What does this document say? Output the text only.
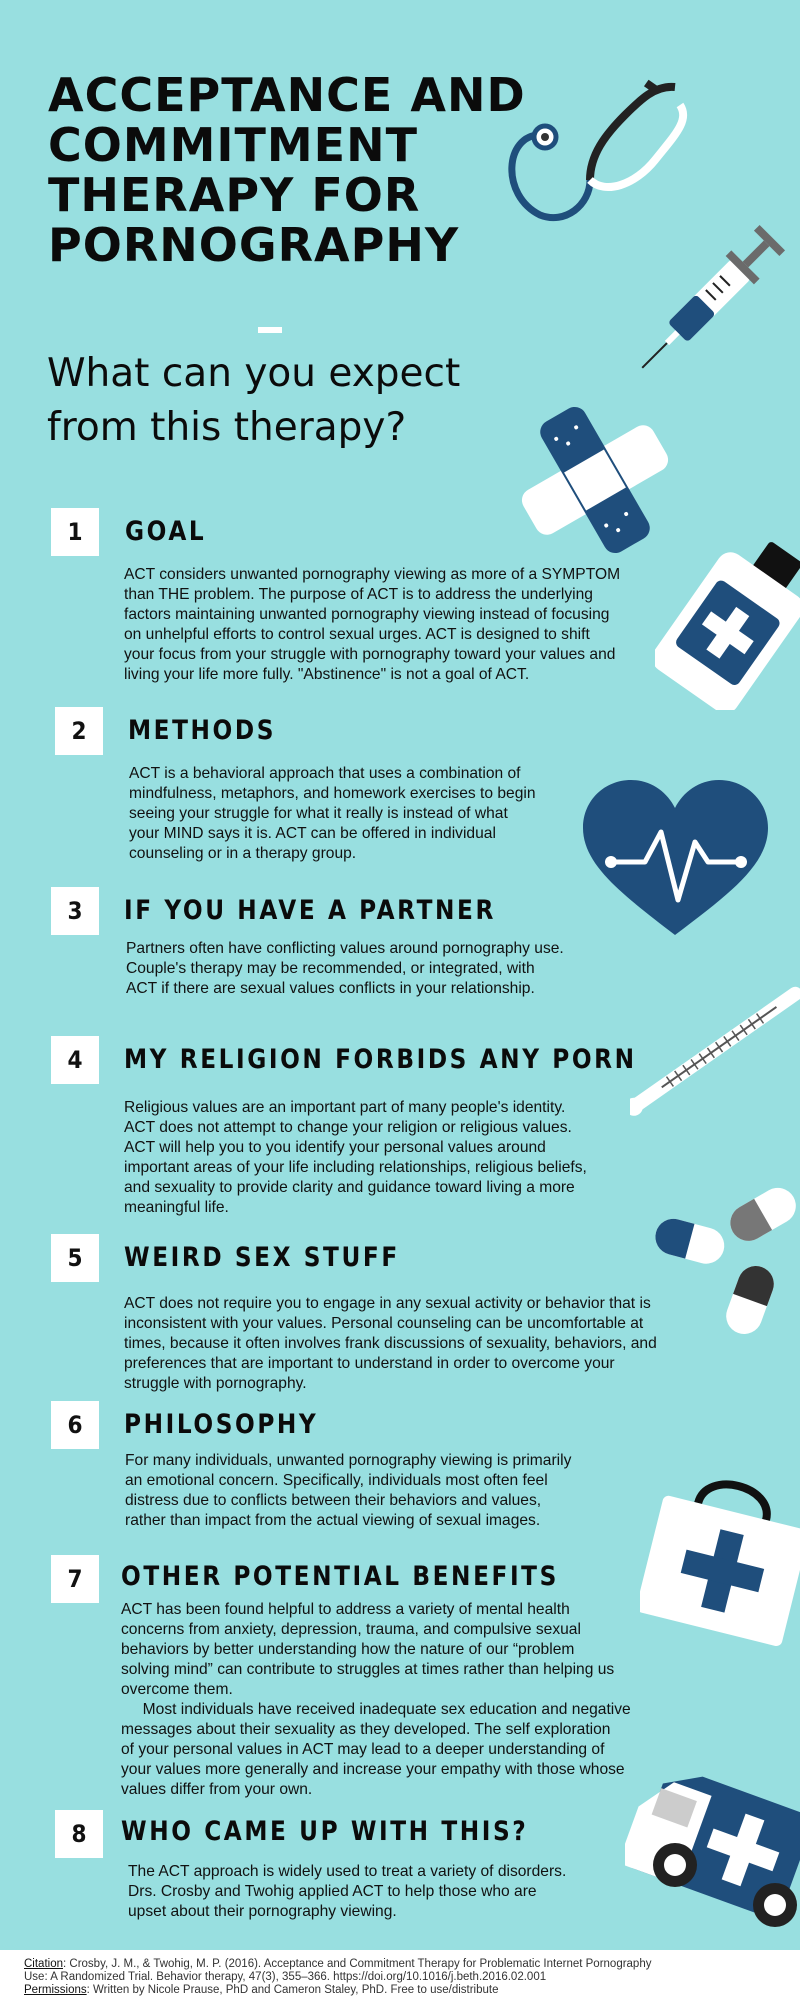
ACCEPTANCE AND
COMMITMENT
THERAPY FOR
PORNOGRAPHY
What can you expect
from this therapy?
1	GOAL

ACT considers unwanted pornography viewing as more of a SYMPTOM
than THE problem. The purpose of ACT is to address the underlying
factors maintaining unwanted pornography viewing instead of focusing
on unhelpful efforts to control sexual urges. ACT is designed to shift
your focus from your struggle with pornography toward your values and
living your life more fully. "Abstinence" is not a goal of ACT.

2	METHODS

ACT is a behavioral approach that uses a combination of
mindfulness, metaphors, and homework exercises to begin
seeing your struggle for what it really is instead of what
your MIND says it is. ACT can be offered in individual
counseling or in a therapy group.

3	IF YOU HAVE A PARTNER

Partners often have conflicting values around pornography use.
Couple's therapy may be recommended, or integrated, with
ACT if there are sexual values conflicts in your relationship.

4	MY RELIGION FORBIDS ANY PORN

Religious values are an important part of many people's identity.
ACT does not attempt to change your religion or religious values.
ACT will help you to you identify your personal values around
important areas of your life including relationships, religious beliefs,
and sexuality to provide clarity and guidance toward living a more
meaningful life.

5	WEIRD SEX STUFF

ACT does not require you to engage in any sexual activity or behavior that is
inconsistent with your values. Personal counseling can be uncomfortable at
times, because it often involves frank discussions of sexuality, behaviors, and
preferences that are important to understand in order to overcome your
struggle with pornography.

6	PHILOSOPHY

For many individuals, unwanted pornography viewing is primarily
an emotional concern. Specifically, individuals most often feel
distress due to conflicts between their behaviors and values,
rather than impact from the actual viewing of sexual images.

7	OTHER POTENTIAL BENEFITS

ACT has been found helpful to address a variety of mental health
concerns from anxiety, depression, trauma, and compulsive sexual
behaviors by better understanding how the nature of our “problem
solving mind” can contribute to struggles at times rather than helping us
overcome them.
Most individuals have received inadequate sex education and negative
messages about their sexuality as they developed. The self exploration
of your personal values in ACT may lead to a deeper understanding of
your values more generally and increase your empathy with those whose
values differ from your own.

8	WHO CAME UP WITH THIS?

The ACT approach is widely used to treat a variety of disorders.
Drs. Crosby and Twohig applied ACT to help those who are
upset about their pornography viewing.

Citation: Crosby, J. M., & Twohig, M. P. (2016). Acceptance and Commitment Therapy for Problematic Internet Pornography
Use: A Randomized Trial. Behavior therapy, 47(3), 355–366. https://doi.org/10.1016/j.beth.2016.02.001
Permissions: Written by Nicole Prause, PhD and Cameron Staley, PhD. Free to use/distribute
